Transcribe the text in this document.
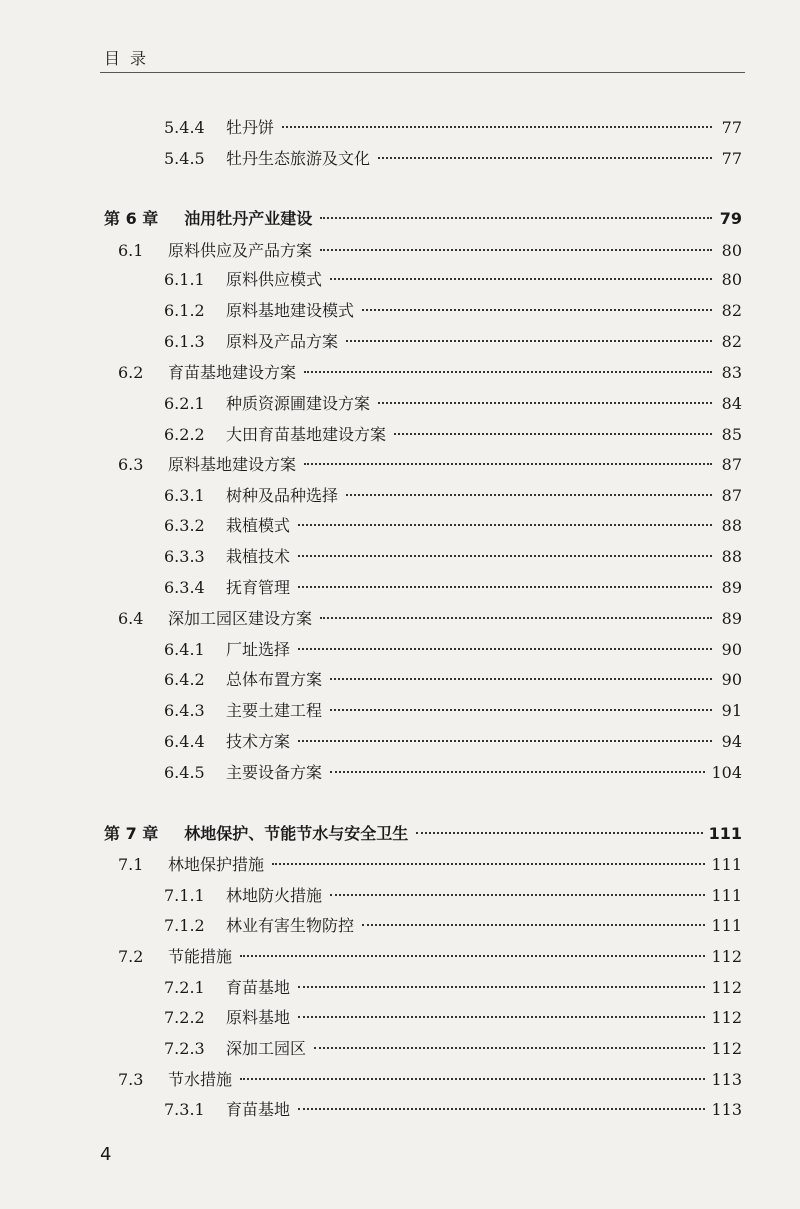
目录
5.4.4	牡丹饼	77
5.4.5	牡丹生态旅游及文化	77
第 6 章 油用牡丹产业建设	79
6.1	原料供应及产品方案	80
6.1.1	原料供应模式	80
6.1.2	原料基地建设模式	82
6.1.3	原料及产品方案	82
6.2	育苗基地建设方案	83
6.2.1	种质资源圃建设方案	84
6.2.2	大田育苗基地建设方案	85
6.3	原料基地建设方案	87
6.3.1	树种及品种选择	87
6.3.2	栽植模式	88
6.3.3	栽植技术	88
6.3.4	抚育管理	89
6.4	深加工园区建设方案	89
6.4.1	厂址选择	90
6.4.2	总体布置方案	90
6.4.3	主要土建工程	91
6.4.4	技术方案	94
6.4.5	主要设备方案	104
第 7 章 林地保护、节能节水与安全卫生	111
7.1	林地保护措施	111
7.1.1	林地防火措施	111
7.1.2	林业有害生物防控	111
7.2	节能措施	112
7.2.1	育苗基地	112
7.2.2	原料基地	112
7.2.3	深加工园区	112
7.3	节水措施	113
7.3.1	育苗基地	113
4
